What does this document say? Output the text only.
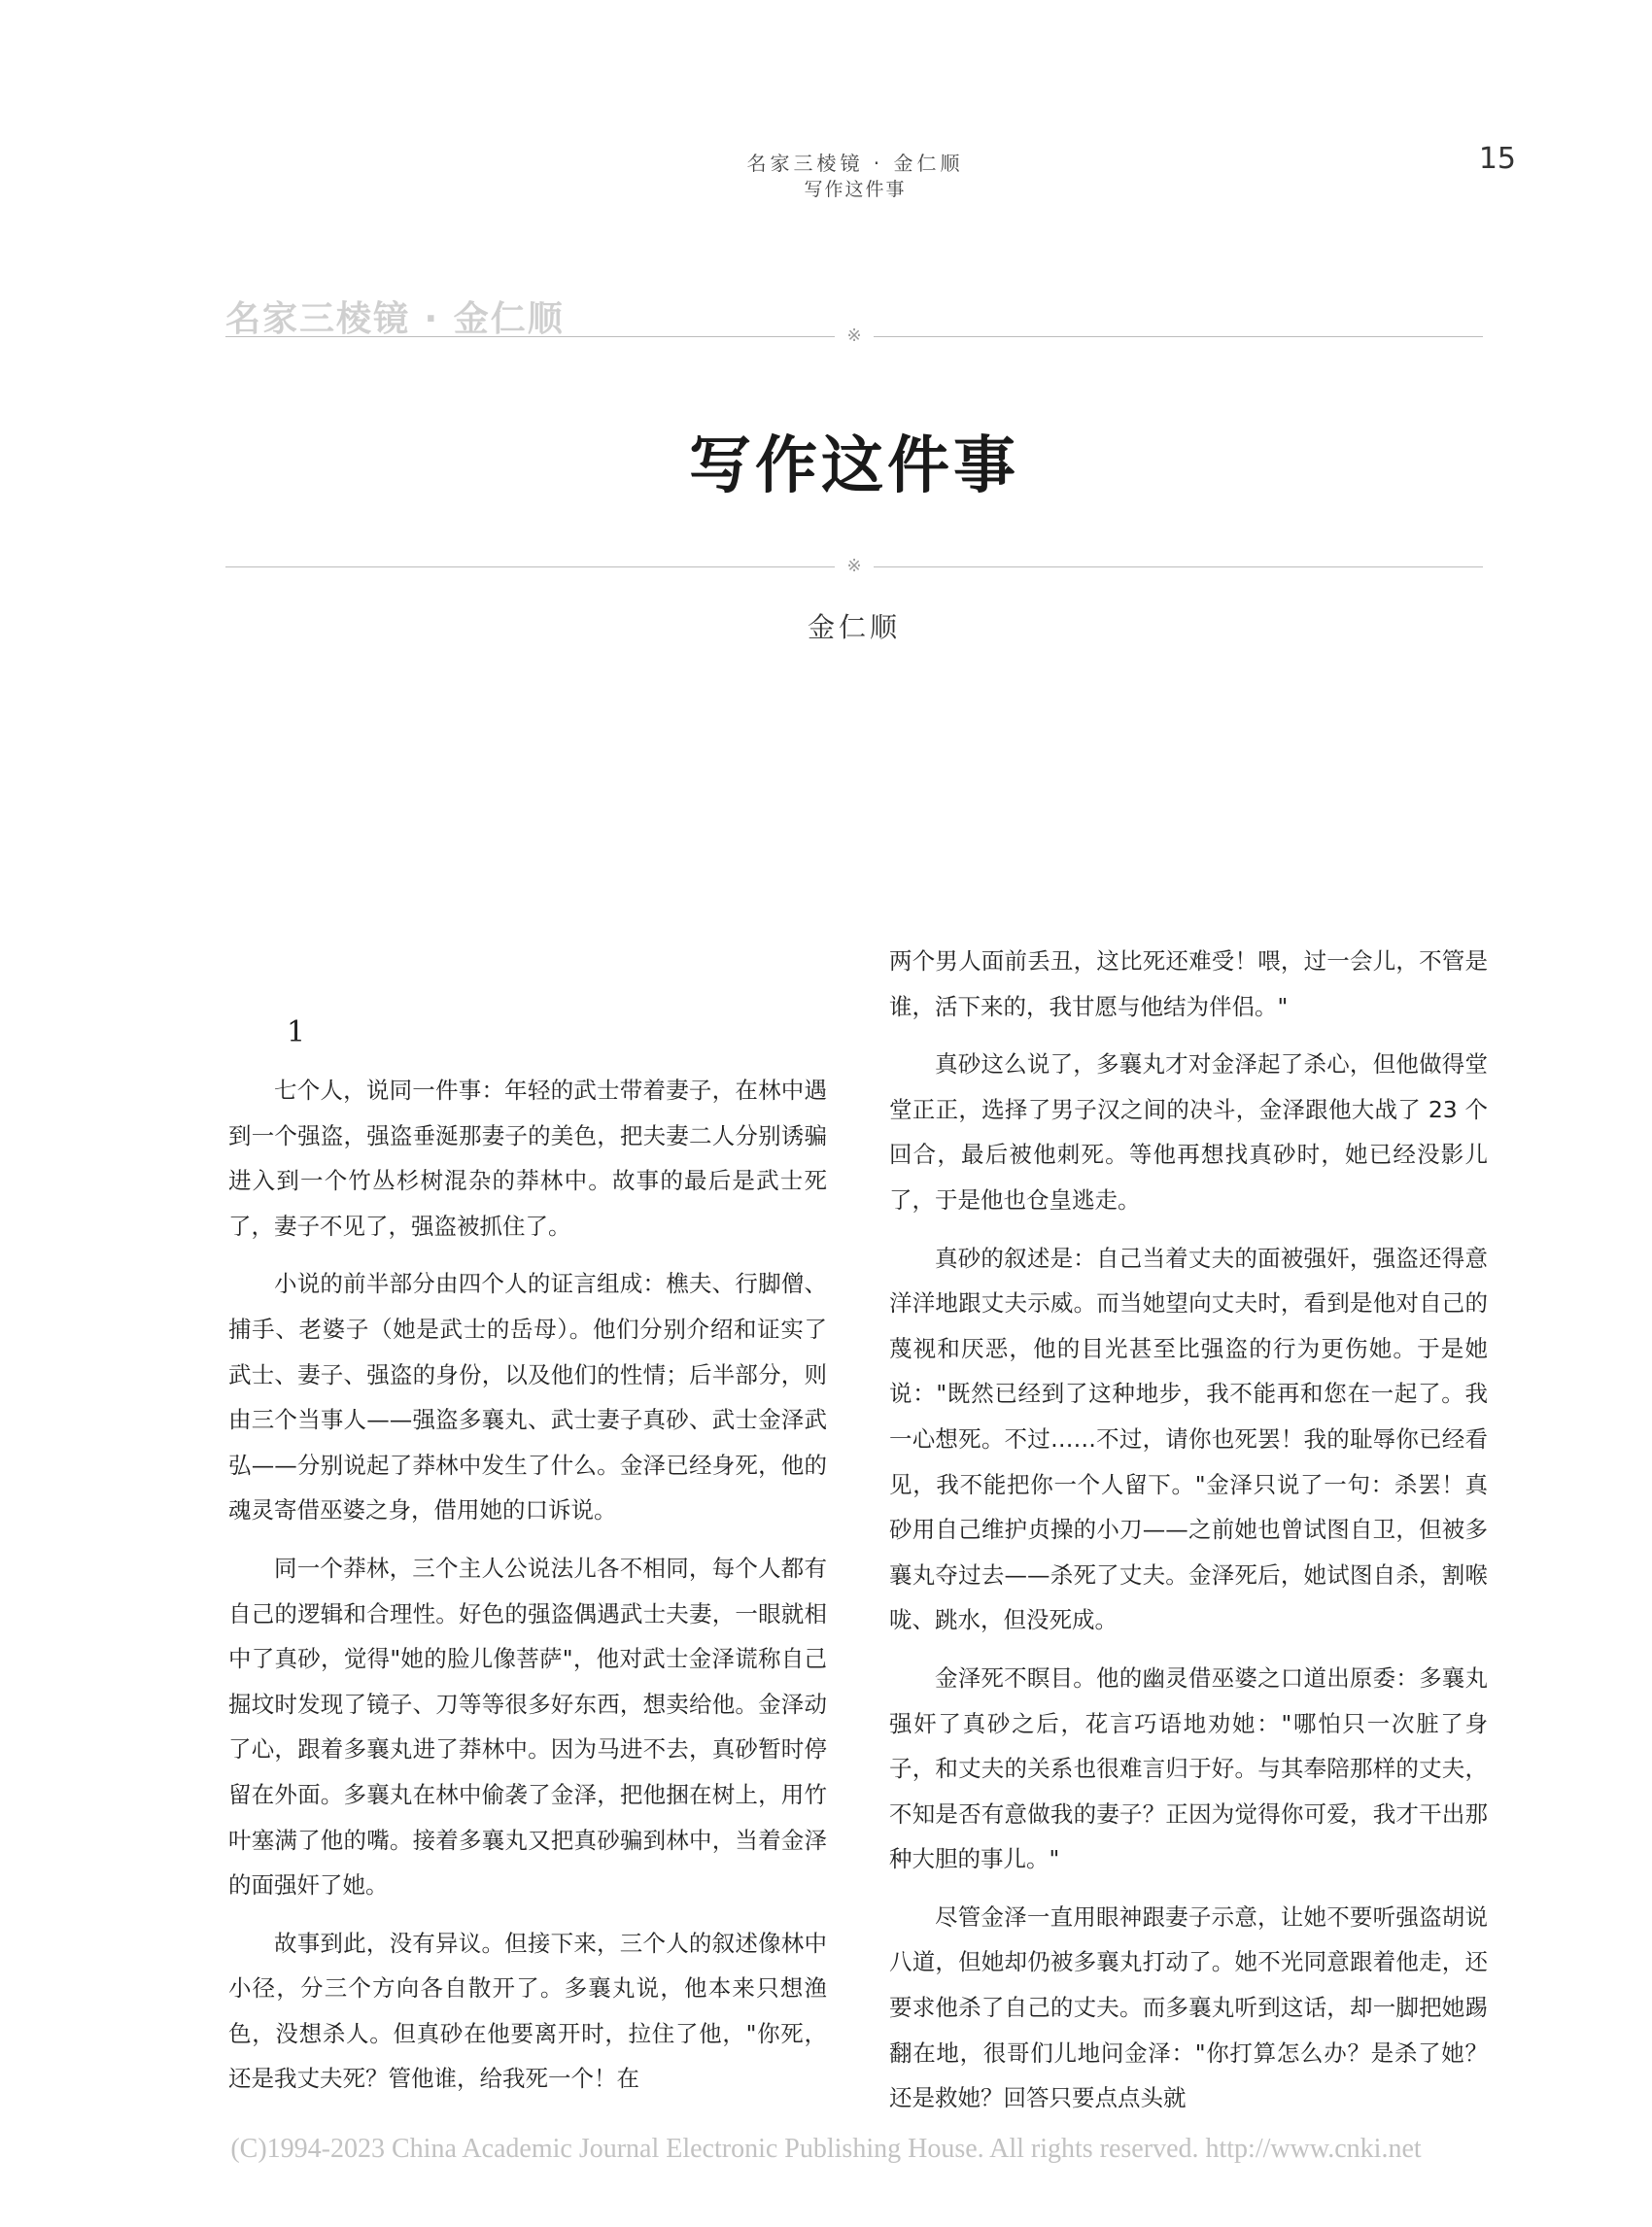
名家三棱镜 · 金仁顺
写作这件事
15
名家三棱镜 · 金仁顺	※
写作这件事
※
金仁顺

1

七个人，说同一件事：年轻的武士带着妻子，在林中遇到一个强盗，强盗垂涎那妻子的美色，把夫妻二人分别诱骗进入到一个竹丛杉树混杂的莽林中。故事的最后是武士死了，妻子不见了，强盗被抓住了。

小说的前半部分由四个人的证言组成：樵夫、行脚僧、捕手、老婆子（她是武士的岳母）。他们分别介绍和证实了武士、妻子、强盗的身份，以及他们的性情；后半部分，则由三个当事人——强盗多襄丸、武士妻子真砂、武士金泽武弘——分别说起了莽林中发生了什么。金泽已经身死，他的魂灵寄借巫婆之身，借用她的口诉说。

同一个莽林，三个主人公说法儿各不相同，每个人都有自己的逻辑和合理性。好色的强盗偶遇武士夫妻，一眼就相中了真砂，觉得"她的脸儿像菩萨"，他对武士金泽谎称自己掘坟时发现了镜子、刀等等很多好东西，想卖给他。金泽动了心，跟着多襄丸进了莽林中。因为马进不去，真砂暂时停留在外面。多襄丸在林中偷袭了金泽，把他捆在树上，用竹叶塞满了他的嘴。接着多襄丸又把真砂骗到林中，当着金泽的面强奸了她。

故事到此，没有异议。但接下来，三个人的叙述像林中小径，分三个方向各自散开了。多襄丸说，他本来只想渔色，没想杀人。但真砂在他要离开时，拉住了他，"你死，还是我丈夫死？管他谁，给我死一个！在

两个男人面前丢丑，这比死还难受！喂，过一会儿，不管是谁，活下来的，我甘愿与他结为伴侣。"

真砂这么说了，多襄丸才对金泽起了杀心，但他做得堂堂正正，选择了男子汉之间的决斗，金泽跟他大战了 23 个回合，最后被他刺死。等他再想找真砂时，她已经没影儿了，于是他也仓皇逃走。

真砂的叙述是：自己当着丈夫的面被强奸，强盗还得意洋洋地跟丈夫示威。而当她望向丈夫时，看到是他对自己的蔑视和厌恶，他的目光甚至比强盗的行为更伤她。于是她说："既然已经到了这种地步，我不能再和您在一起了。我一心想死。不过……不过，请你也死罢！我的耻辱你已经看见，我不能把你一个人留下。"金泽只说了一句：杀罢！真砂用自己维护贞操的小刀——之前她也曾试图自卫，但被多襄丸夺过去——杀死了丈夫。金泽死后，她试图自杀，割喉咙、跳水，但没死成。

金泽死不瞑目。他的幽灵借巫婆之口道出原委：多襄丸强奸了真砂之后，花言巧语地劝她："哪怕只一次脏了身子，和丈夫的关系也很难言归于好。与其奉陪那样的丈夫，不知是否有意做我的妻子？正因为觉得你可爱，我才干出那种大胆的事儿。"

尽管金泽一直用眼神跟妻子示意，让她不要听强盗胡说八道，但她却仍被多襄丸打动了。她不光同意跟着他走，还要求他杀了自己的丈夫。而多襄丸听到这话，却一脚把她踢翻在地，很哥们儿地问金泽："你打算怎么办？是杀了她？还是救她？回答只要点点头就

(C)1994-2023 China Academic Journal Electronic Publishing House. All rights reserved. http://www.cnki.net
